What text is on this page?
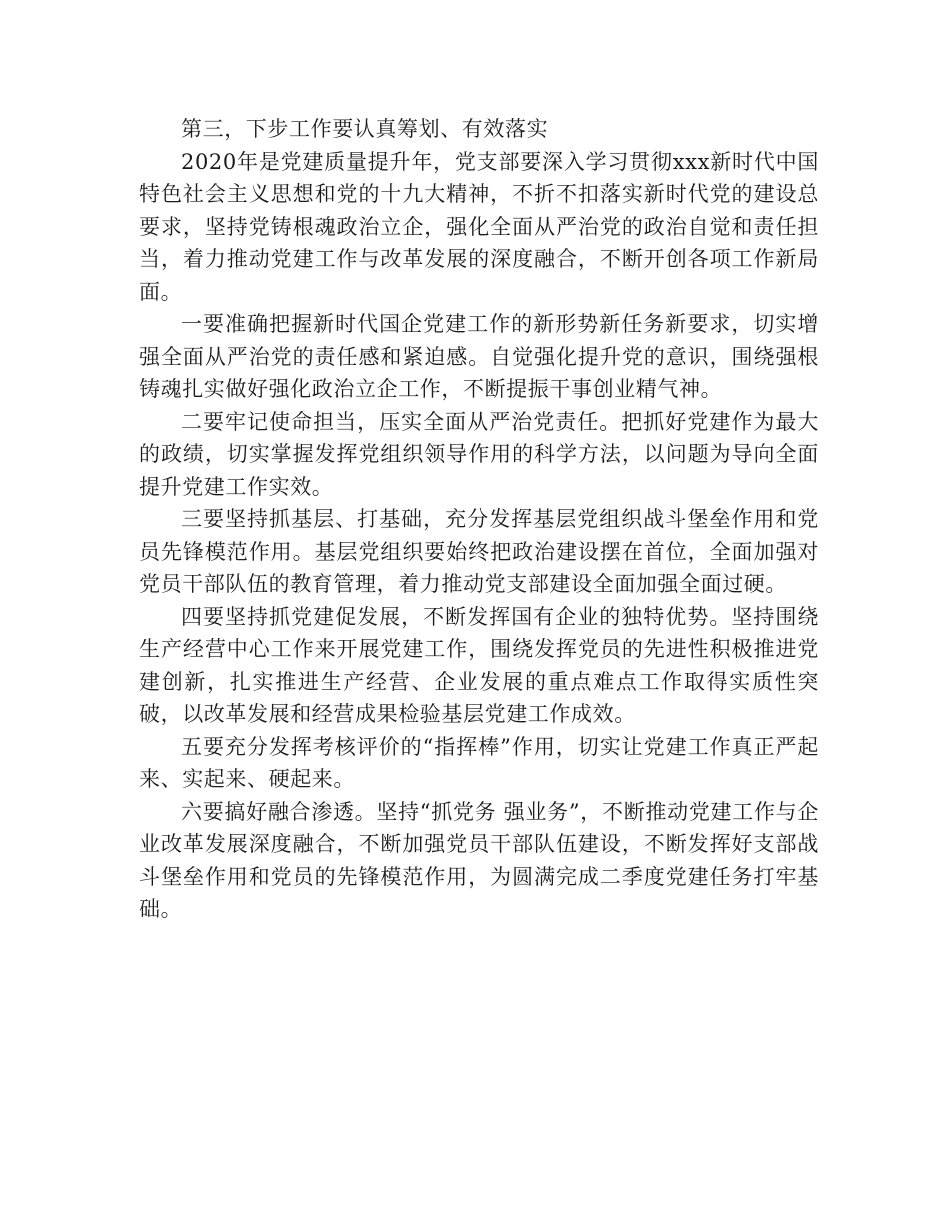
第三，下步工作要认真筹划、有效落实

2020年是党建质量提升年，党支部要深入学习贯彻xxx新时代中国特色社会主义思想和党的十九大精神，不折不扣落实新时代党的建设总要求，坚持党铸根魂政治立企，强化全面从严治党的政治自觉和责任担当，着力推动党建工作与改革发展的深度融合，不断开创各项工作新局面。

一要准确把握新时代国企党建工作的新形势新任务新要求，切实增强全面从严治党的责任感和紧迫感。自觉强化提升党的意识，围绕强根铸魂扎实做好强化政治立企工作，不断提振干事创业精气神。

二要牢记使命担当，压实全面从严治党责任。把抓好党建作为最大的政绩，切实掌握发挥党组织领导作用的科学方法，以问题为导向全面提升党建工作实效。

三要坚持抓基层、打基础，充分发挥基层党组织战斗堡垒作用和党员先锋模范作用。基层党组织要始终把政治建设摆在首位，全面加强对党员干部队伍的教育管理，着力推动党支部建设全面加强全面过硬。

四要坚持抓党建促发展，不断发挥国有企业的独特优势。坚持围绕生产经营中心工作来开展党建工作，围绕发挥党员的先进性积极推进党建创新，扎实推进生产经营、企业发展的重点难点工作取得实质性突破，以改革发展和经营成果检验基层党建工作成效。

五要充分发挥考核评价的“指挥棒”作用，切实让党建工作真正严起来、实起来、硬起来。

六要搞好融合渗透。坚持“抓党务 强业务”，不断推动党建工作与企业改革发展深度融合，不断加强党员干部队伍建设，不断发挥好支部战斗堡垒作用和党员的先锋模范作用，为圆满完成二季度党建任务打牢基础。
